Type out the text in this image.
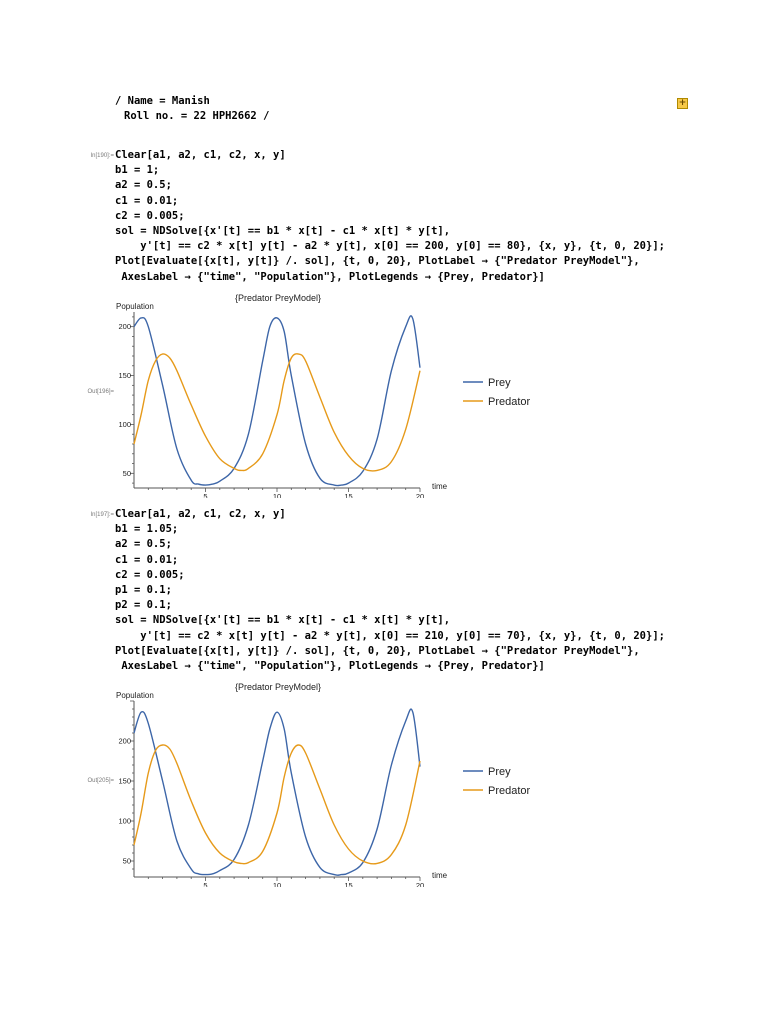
/ Name = Manish
Roll no. = 22 HPH2662 /
+
In[190]:= Clear[a1, a2, c1, c2, x, y]
b1 = 1;
a2 = 0.5;
c1 = 0.01;
c2 = 0.005;
sol = NDSolve[{x'[t] == b1 * x[t] - c1 * x[t] * y[t],
y'[t] == c2 * x[t] y[t] - a2 * y[t], x[0] == 200, y[0] == 80}, {x, y}, {t, 0, 20}];
Plot[Evaluate[{x[t], y[t]} /. sol], {t, 0, 20}, PlotLabel → {"Predator PreyModel"},
AxesLabel → {"time", "Population"}, PlotLegends → {Prey, Predator}]
Out[196]=
{Predator PreyModel}
Population
time
5	10	15	20
50
100
150
200
Prey
Predator
In[197]:= Clear[a1, a2, c1, c2, x, y]
b1 = 1.05;
a2 = 0.5;
c1 = 0.01;
c2 = 0.005;
p1 = 0.1;
p2 = 0.1;
sol = NDSolve[{x'[t] == b1 * x[t] - c1 * x[t] * y[t],
y'[t] == c2 * x[t] y[t] - a2 * y[t], x[0] == 210, y[0] == 70}, {x, y}, {t, 0, 20}];
Plot[Evaluate[{x[t], y[t]} /. sol], {t, 0, 20}, PlotLabel → {"Predator PreyModel"},
AxesLabel → {"time", "Population"}, PlotLegends → {Prey, Predator}]
Out[205]=
{Predator PreyModel}
Population
time
5	10	15	20
50
100
150
200
Prey
Predator
